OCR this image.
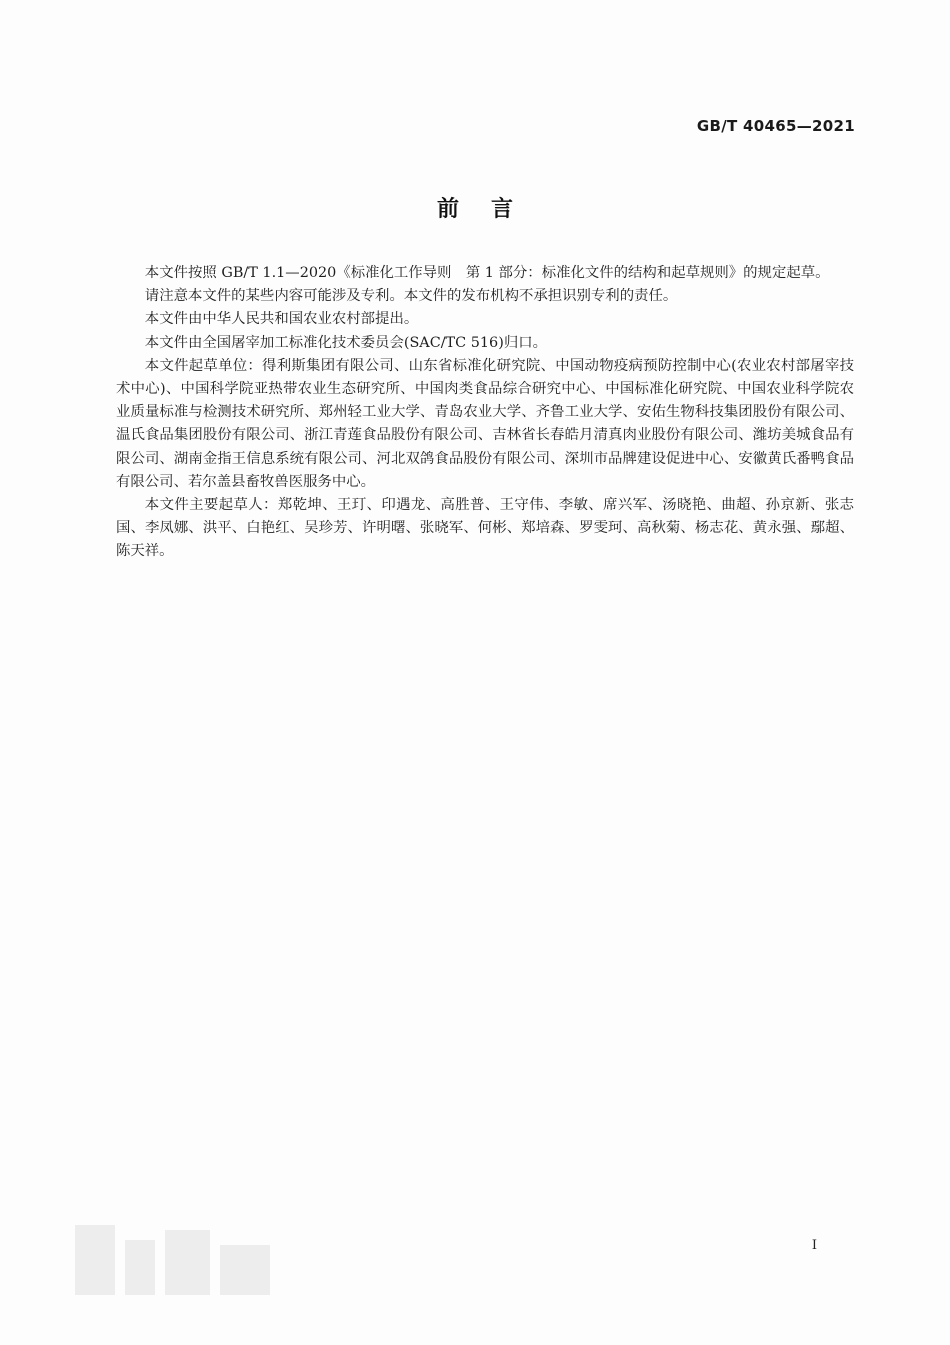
GB/T 40465—2021
前言

本文件按照 GB/T 1.1—2020《标准化工作导则　第 1 部分：标准化文件的结构和起草规则》的规定起草。

请注意本文件的某些内容可能涉及专利。本文件的发布机构不承担识别专利的责任。

本文件由中华人民共和国农业农村部提出。

本文件由全国屠宰加工标准化技术委员会(SAC/TC 516)归口。

本文件起草单位：得利斯集团有限公司、山东省标准化研究院、中国动物疫病预防控制中心(农业农村部屠宰技术中心)、中国科学院亚热带农业生态研究所、中国肉类食品综合研究中心、中国标准化研究院、中国农业科学院农业质量标准与检测技术研究所、郑州轻工业大学、青岛农业大学、齐鲁工业大学、安佑生物科技集团股份有限公司、温氏食品集团股份有限公司、浙江青莲食品股份有限公司、吉林省长春皓月清真肉业股份有限公司、潍坊美城食品有限公司、湖南金指王信息系统有限公司、河北双鸽食品股份有限公司、深圳市品牌建设促进中心、安徽黄氏番鸭食品有限公司、若尔盖县畜牧兽医服务中心。

本文件主要起草人：郑乾坤、王玎、印遇龙、高胜普、王守伟、李敏、席兴军、汤晓艳、曲超、孙京新、张志国、李凤娜、洪平、白艳红、吴珍芳、许明曙、张晓军、何彬、郑培森、罗雯珂、高秋菊、杨志花、黄永强、鄢超、陈天祥。

I
